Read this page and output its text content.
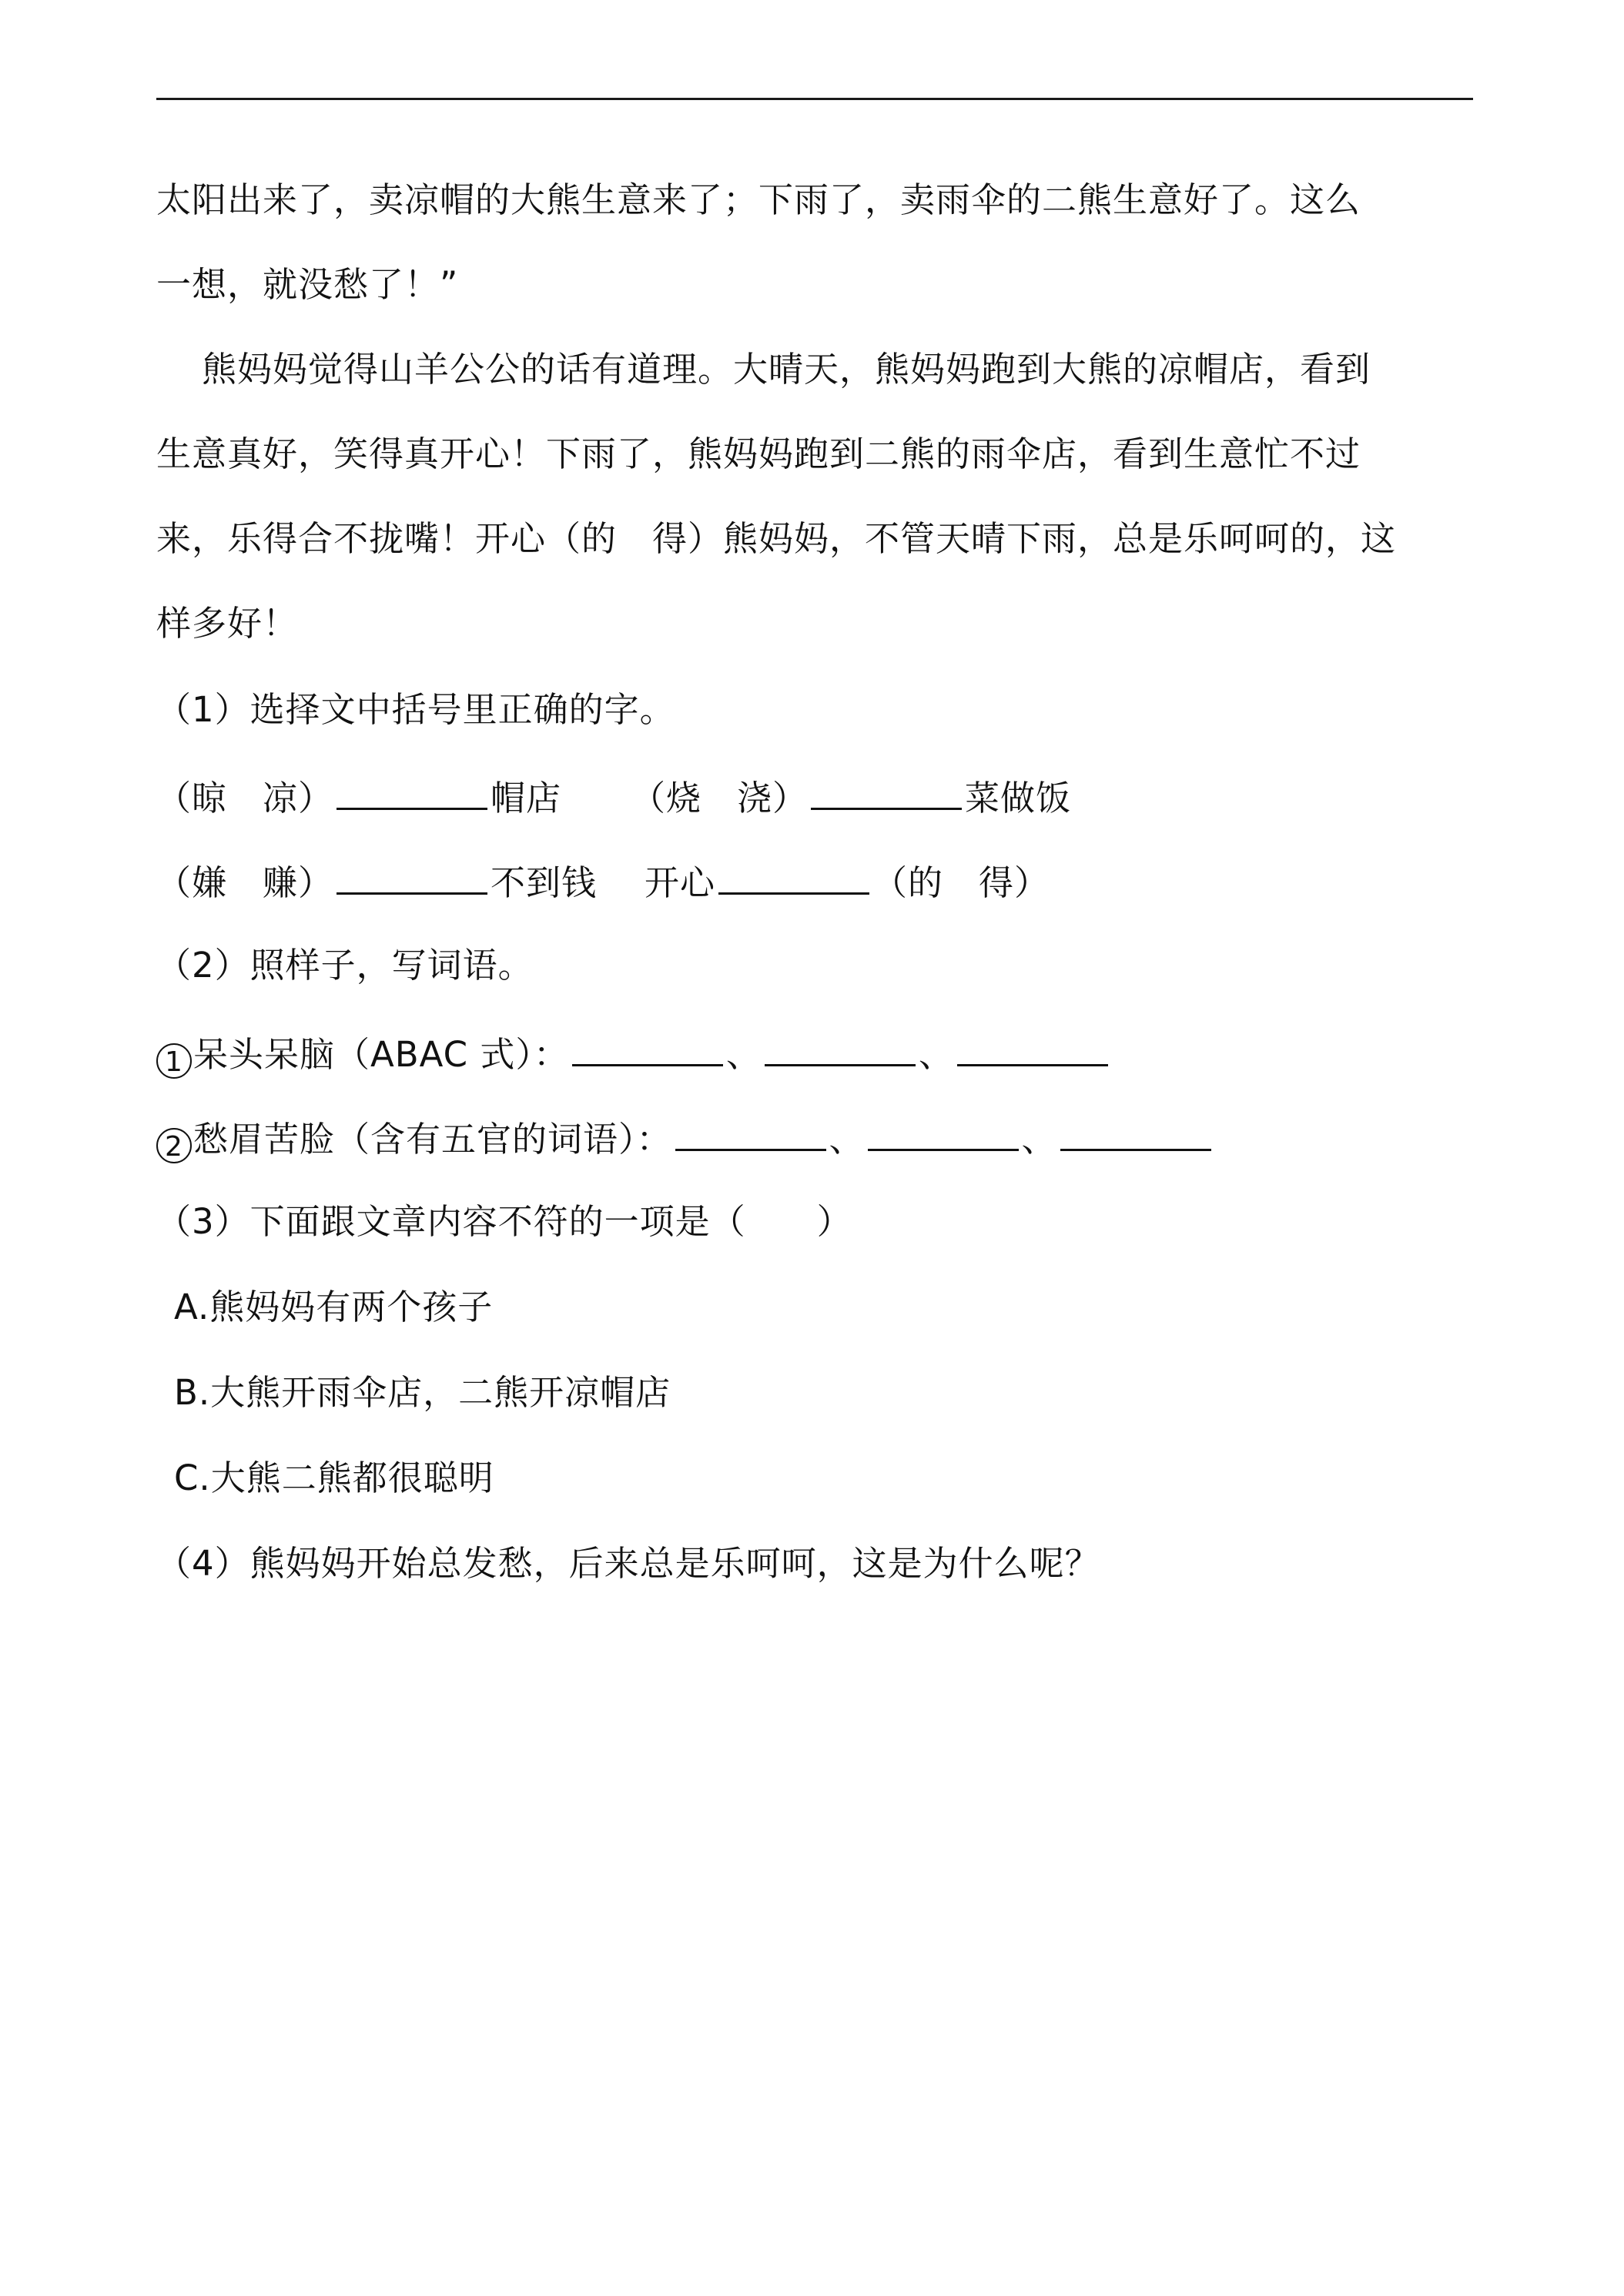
太阳出来了，卖凉帽的大熊生意来了；下雨了，卖雨伞的二熊生意好了。这么
一想，就没愁了！”
熊妈妈觉得山羊公公的话有道理。大晴天，熊妈妈跑到大熊的凉帽店，看到
生意真好，笑得真开心！下雨了，熊妈妈跑到二熊的雨伞店，看到生意忙不过
来，乐得合不拢嘴！开心（的　得）熊妈妈，不管天晴下雨，总是乐呵呵的，这
样多好！
（1）选择文中括号里正确的字。
（晾　凉）	帽店 （烧　浇）	菜做饭
（嫌　赚）	不到钱 开心	（的　得）
（2）照样子，写词语。
1 呆头呆脑（ABAC 式）：	、	、
2 愁眉苦脸（含有五官的词语）：	、	、
（3）下面跟文章内容不符的一项是（　　）
A.熊妈妈有两个孩子
B.大熊开雨伞店，二熊开凉帽店
C.大熊二熊都很聪明
（4）熊妈妈开始总发愁，后来总是乐呵呵，这是为什么呢？
